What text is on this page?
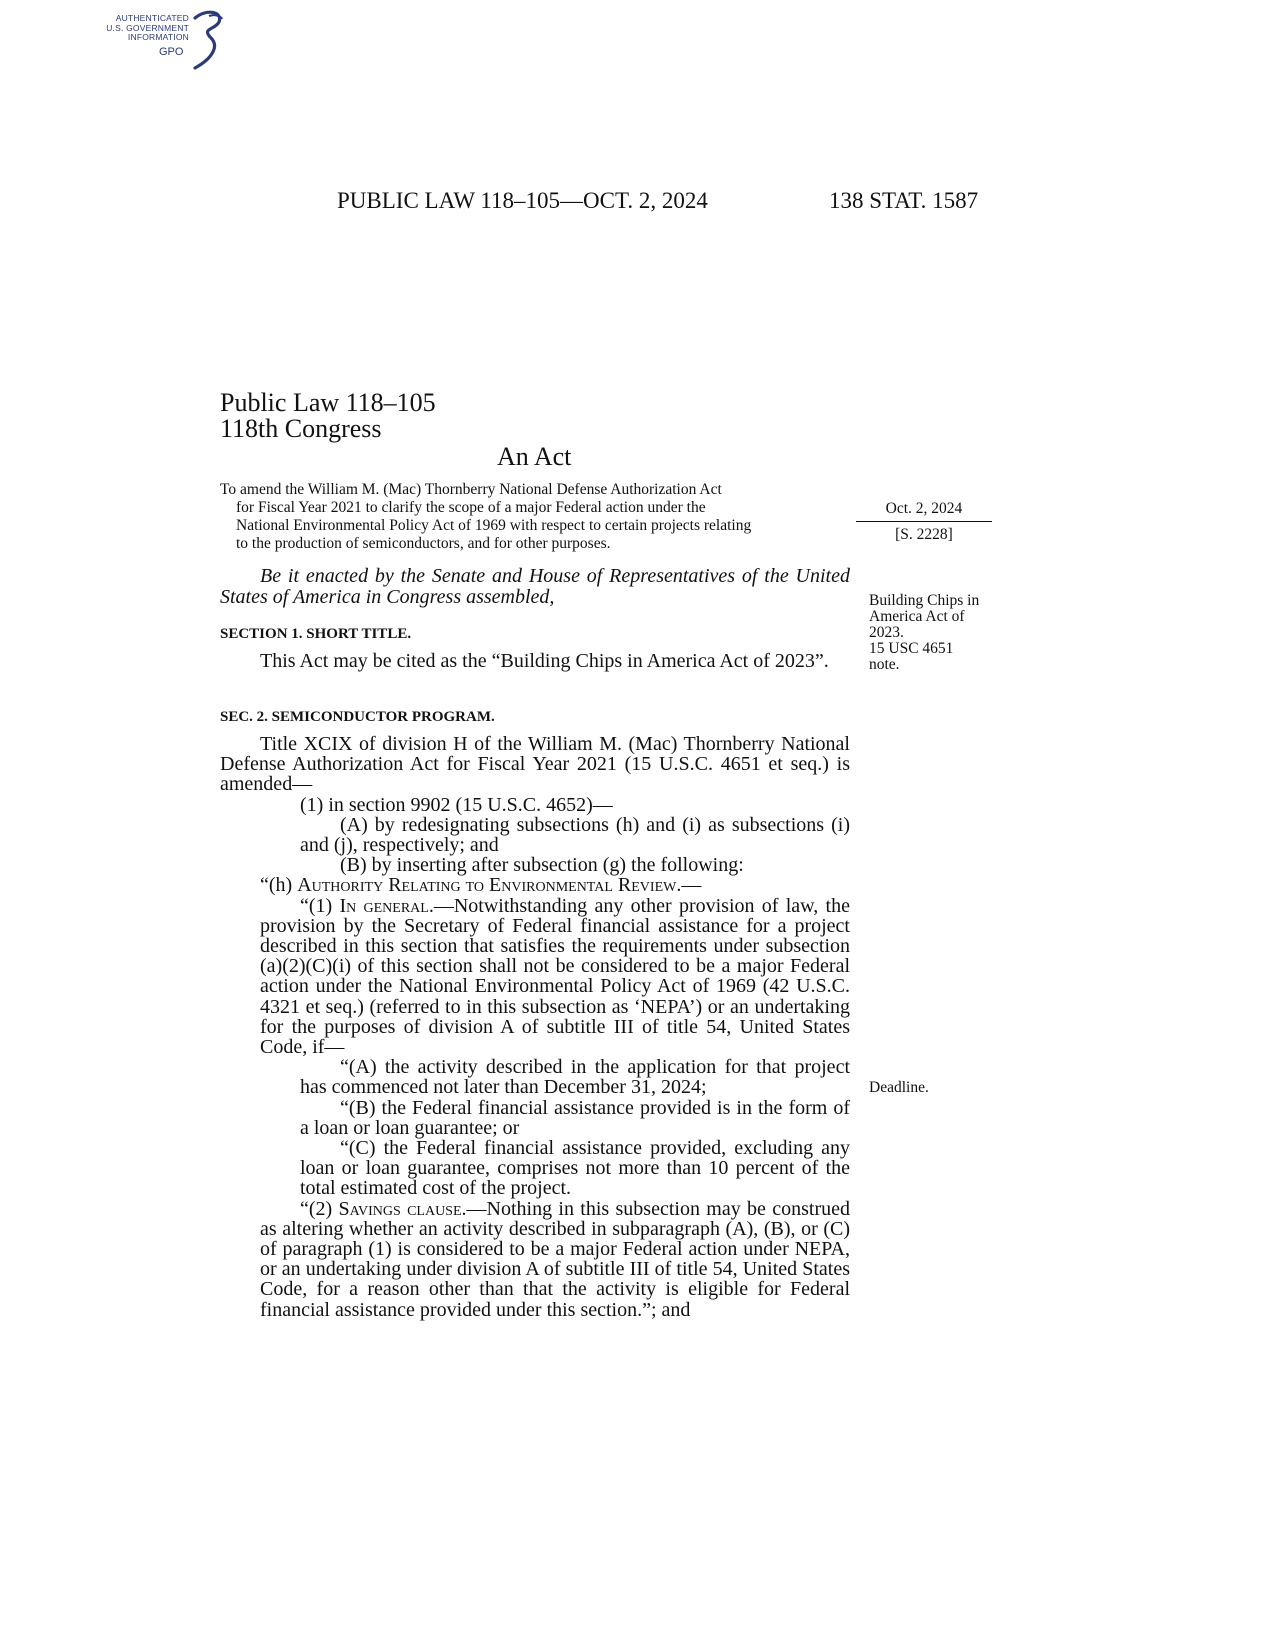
AUTHENTICATED
U.S. GOVERNMENT
INFORMATION
GPO
PUBLIC LAW 118–105—OCT. 2, 2024	138 STAT. 1587
Public Law 118–105
118th Congress
An Act
To amend the William M. (Mac) Thornberry National Defense Authorization Act
for Fiscal Year 2021 to clarify the scope of a major Federal action under the
National Environmental Policy Act of 1969 with respect to certain projects relating
to the production of semiconductors, and for other purposes.
Oct. 2, 2024
[S. 2228]
Be it enacted by the Senate and House of Representatives of the United States of America in Congress assembled,	Building Chips in
America Act of
2023.
15 USC 4651
note.
SECTION 1. SHORT TITLE.

This Act may be cited as the “Building Chips in America Act of 2023”.

SEC. 2. SEMICONDUCTOR PROGRAM.

Title XCIX of division H of the William M. (Mac) Thornberry National Defense Authorization Act for Fiscal Year 2021 (15 U.S.C. 4651 et seq.) is amended—

(1) in section 9902 (15 U.S.C. 4652)—

(A) by redesignating subsections (h) and (i) as subsections (i) and (j), respectively; and

(B) by inserting after subsection (g) the following:

“(h) Authority Relating to Environmental Review.—

“(1) In general.—Notwithstanding any other provision of law, the provision by the Secretary of Federal financial assistance for a project described in this section that satisfies the requirements under subsection (a)(2)(C)(i) of this section shall not be considered to be a major Federal action under the National Environmental Policy Act of 1969 (42 U.S.C. 4321 et seq.) (referred to in this subsection as ‘NEPA’) or an undertaking for the purposes of division A of subtitle III of title 54, United States Code, if—

“(A) the activity described in the application for that project has commenced not later than December 31, 2024;

“(B) the Federal financial assistance provided is in the form of a loan or loan guarantee; or

“(C) the Federal financial assistance provided, excluding any loan or loan guarantee, comprises not more than 10 percent of the total estimated cost of the project.

“(2) Savings clause.—Nothing in this subsection may be construed as altering whether an activity described in subparagraph (A), (B), or (C) of paragraph (1) is considered to be a major Federal action under NEPA, or an undertaking under division A of subtitle III of title 54, United States Code, for a reason other than that the activity is eligible for Federal financial assistance provided under this section.”; and

Deadline.
